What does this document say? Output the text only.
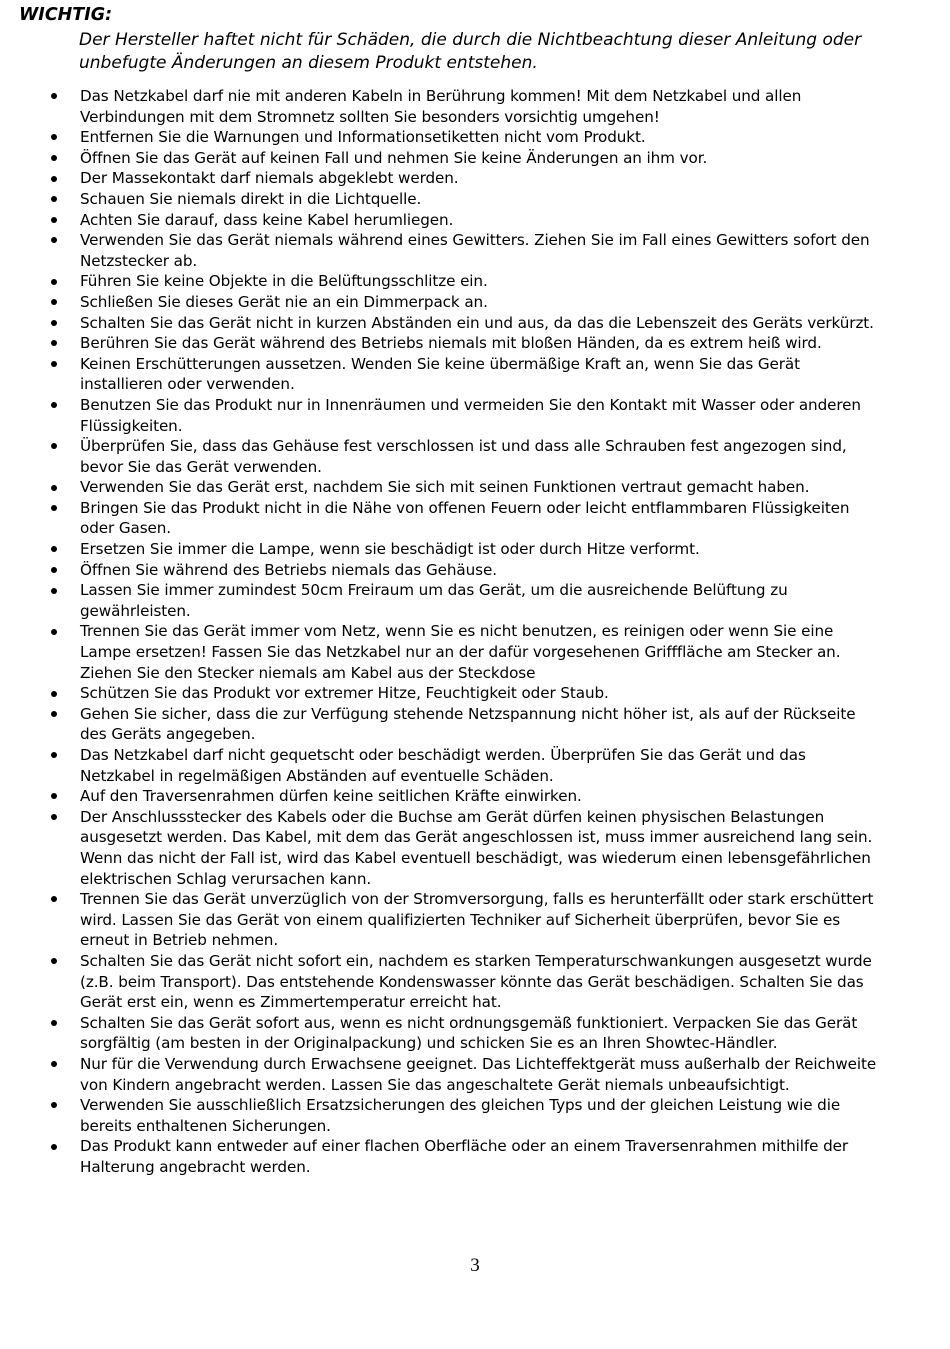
WICHTIG:

Der Hersteller haftet nicht für Schäden, die durch die Nichtbeachtung dieser Anleitung oder unbefugte Änderungen an diesem Produkt entstehen.

Das Netzkabel darf nie mit anderen Kabeln in Berührung kommen! Mit dem Netzkabel und allen Verbindungen mit dem Stromnetz sollten Sie besonders vorsichtig umgehen!
Entfernen Sie die Warnungen und Informationsetiketten nicht vom Produkt.
Öffnen Sie das Gerät auf keinen Fall und nehmen Sie keine Änderungen an ihm vor.
Der Massekontakt darf niemals abgeklebt werden.
Schauen Sie niemals direkt in die Lichtquelle.
Achten Sie darauf, dass keine Kabel herumliegen.
Verwenden Sie das Gerät niemals während eines Gewitters. Ziehen Sie im Fall eines Gewitters sofort den Netzstecker ab.
Führen Sie keine Objekte in die Belüftungsschlitze ein.
Schließen Sie dieses Gerät nie an ein Dimmerpack an.
Schalten Sie das Gerät nicht in kurzen Abständen ein und aus, da das die Lebenszeit des Geräts verkürzt.
Berühren Sie das Gerät während des Betriebs niemals mit bloßen Händen, da es extrem heiß wird.
Keinen Erschütterungen aussetzen. Wenden Sie keine übermäßige Kraft an, wenn Sie das Gerät installieren oder verwenden.
Benutzen Sie das Produkt nur in Innenräumen und vermeiden Sie den Kontakt mit Wasser oder anderen Flüssigkeiten.
Überprüfen Sie, dass das Gehäuse fest verschlossen ist und dass alle Schrauben fest angezogen sind, bevor Sie das Gerät verwenden.
Verwenden Sie das Gerät erst, nachdem Sie sich mit seinen Funktionen vertraut gemacht haben.
Bringen Sie das Produkt nicht in die Nähe von offenen Feuern oder leicht entflammbaren Flüssigkeiten oder Gasen.
Ersetzen Sie immer die Lampe, wenn sie beschädigt ist oder durch Hitze verformt.
Öffnen Sie während des Betriebs niemals das Gehäuse.
Lassen Sie immer zumindest 50cm Freiraum um das Gerät, um die ausreichende Belüftung zu gewährleisten.
Trennen Sie das Gerät immer vom Netz, wenn Sie es nicht benutzen, es reinigen oder wenn Sie eine Lampe ersetzen! Fassen Sie das Netzkabel nur an der dafür vorgesehenen Grifffläche am Stecker an. Ziehen Sie den Stecker niemals am Kabel aus der Steckdose
Schützen Sie das Produkt vor extremer Hitze, Feuchtigkeit oder Staub.
Gehen Sie sicher, dass die zur Verfügung stehende Netzspannung nicht höher ist, als auf der Rückseite des Geräts angegeben.
Das Netzkabel darf nicht gequetscht oder beschädigt werden. Überprüfen Sie das Gerät und das Netzkabel in regelmäßigen Abständen auf eventuelle Schäden.
Auf den Traversenrahmen dürfen keine seitlichen Kräfte einwirken.
Der Anschlussstecker des Kabels oder die Buchse am Gerät dürfen keinen physischen Belastungen ausgesetzt werden. Das Kabel, mit dem das Gerät angeschlossen ist, muss immer ausreichend lang sein. Wenn das nicht der Fall ist, wird das Kabel eventuell beschädigt, was wiederum einen lebensgefährlichen elektrischen Schlag verursachen kann.
Trennen Sie das Gerät unverzüglich von der Stromversorgung, falls es herunterfällt oder stark erschüttert wird. Lassen Sie das Gerät von einem qualifizierten Techniker auf Sicherheit überprüfen, bevor Sie es erneut in Betrieb nehmen.
Schalten Sie das Gerät nicht sofort ein, nachdem es starken Temperaturschwankungen ausgesetzt wurde (z.B. beim Transport). Das entstehende Kondenswasser könnte das Gerät beschädigen. Schalten Sie das Gerät erst ein, wenn es Zimmertemperatur erreicht hat.
Schalten Sie das Gerät sofort aus, wenn es nicht ordnungsgemäß funktioniert. Verpacken Sie das Gerät sorgfältig (am besten in der Originalpackung) und schicken Sie es an Ihren Showtec-Händler.
Nur für die Verwendung durch Erwachsene geeignet. Das Lichteffektgerät muss außerhalb der Reichweite von Kindern angebracht werden. Lassen Sie das angeschaltete Gerät niemals unbeaufsichtigt.
Verwenden Sie ausschließlich Ersatzsicherungen des gleichen Typs und der gleichen Leistung wie die bereits enthaltenen Sicherungen.
Das Produkt kann entweder auf einer flachen Oberfläche oder an einem Traversenrahmen mithilfe der Halterung angebracht werden.
3
